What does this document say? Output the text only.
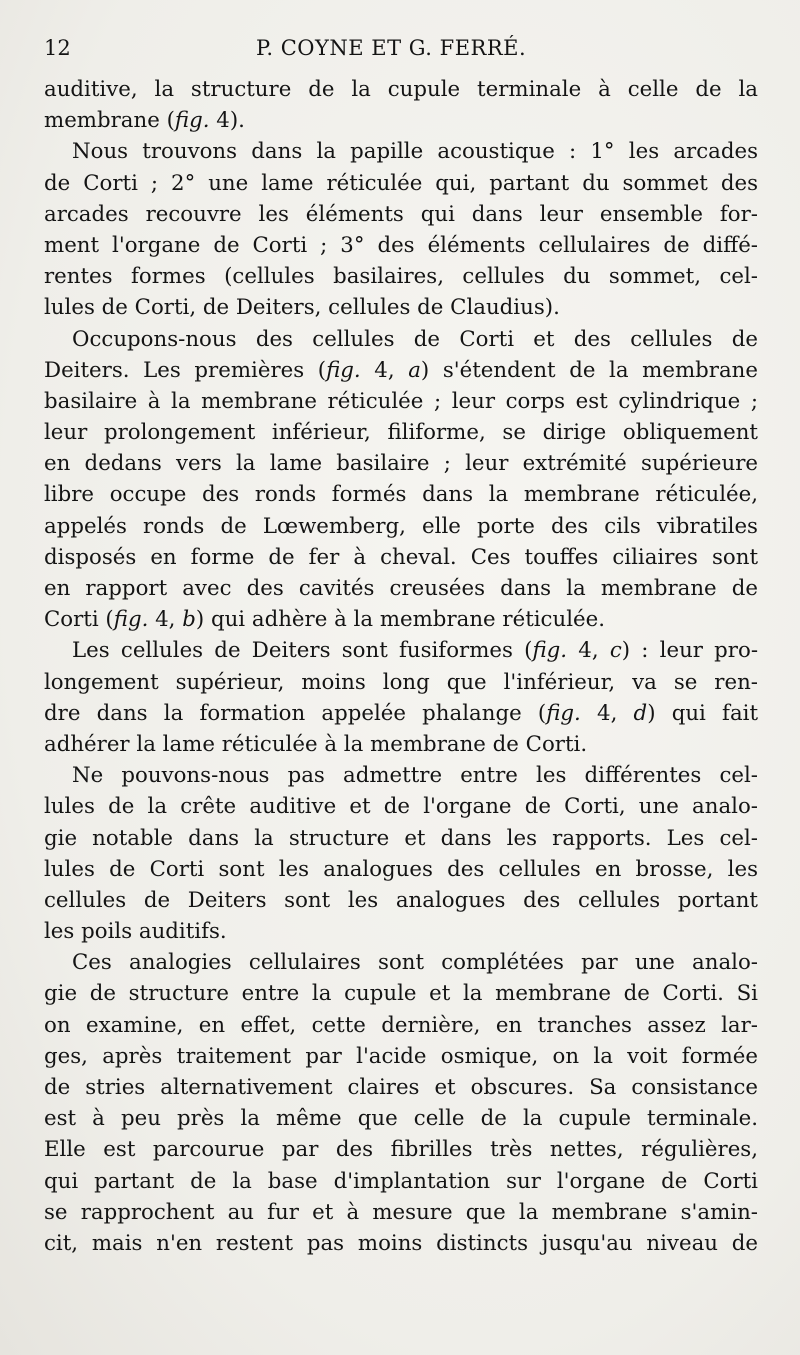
12	P. COYNE ET G. FERRÉ.
auditive, la structure de la cupule terminale à celle de la
membrane (fig. 4).
Nous trouvons dans la papille acoustique : 1° les arcades
de Corti ; 2° une lame réticulée qui, partant du sommet des
arcades recouvre les éléments qui dans leur ensemble for-
ment l'organe de Corti ; 3° des éléments cellulaires de diffé-
rentes formes (cellules basilaires, cellules du sommet, cel-
lules de Corti, de Deiters, cellules de Claudius).
Occupons-nous des cellules de Corti et des cellules de
Deiters. Les premières (fig. 4, a) s'étendent de la membrane
basilaire à la membrane réticulée ; leur corps est cylindrique ;
leur prolongement inférieur, filiforme, se dirige obliquement
en dedans vers la lame basilaire ; leur extrémité supérieure
libre occupe des ronds formés dans la membrane réticulée,
appelés ronds de Lœwemberg, elle porte des cils vibratiles
disposés en forme de fer à cheval. Ces touffes ciliaires sont
en rapport avec des cavités creusées dans la membrane de
Corti (fig. 4, b) qui adhère à la membrane réticulée.
Les cellules de Deiters sont fusiformes (fig. 4, c) : leur pro-
longement supérieur, moins long que l'inférieur, va se ren-
dre dans la formation appelée phalange (fig. 4, d) qui fait
adhérer la lame réticulée à la membrane de Corti.
Ne pouvons-nous pas admettre entre les différentes cel-
lules de la crête auditive et de l'organe de Corti, une analo-
gie notable dans la structure et dans les rapports. Les cel-
lules de Corti sont les analogues des cellules en brosse, les
cellules de Deiters sont les analogues des cellules portant
les poils auditifs.
Ces analogies cellulaires sont complétées par une analo-
gie de structure entre la cupule et la membrane de Corti. Si
on examine, en effet, cette dernière, en tranches assez lar-
ges, après traitement par l'acide osmique, on la voit formée
de stries alternativement claires et obscures. Sa consistance
est à peu près la même que celle de la cupule terminale.
Elle est parcourue par des fibrilles très nettes, régulières,
qui partant de la base d'implantation sur l'organe de Corti
se rapprochent au fur et à mesure que la membrane s'amin-
cit, mais n'en restent pas moins distincts jusqu'au niveau de
